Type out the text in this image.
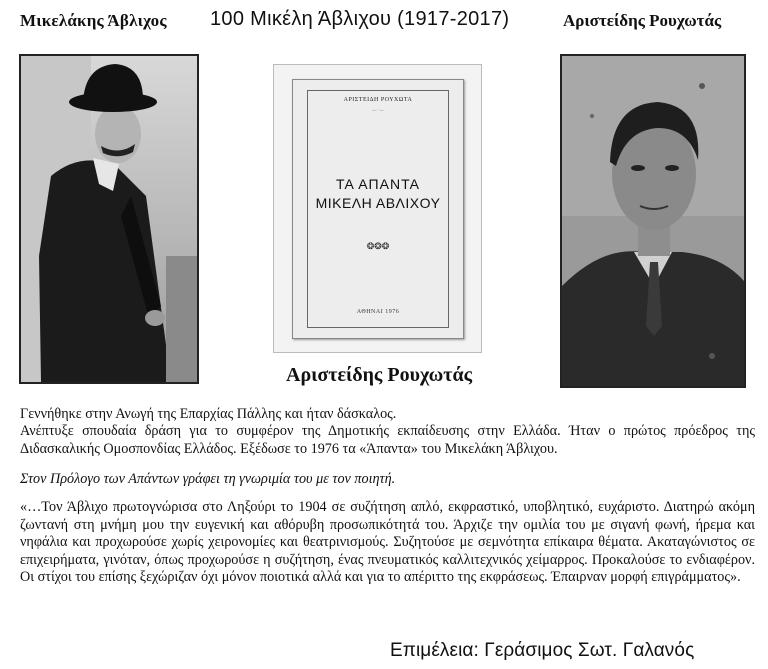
Μικελάκης Άβλιχος 100 Μικέλη Άβλιχου (1917-2017)	Αριστείδης Ρουχωτάς
ΑΡΙΣΤΕΙΔΗ ΡΟΥΧΩΤΑ
— · —
ΤΑ ΑΠΑΝΤΑ
ΜΙΚΕΛΗ ΑΒΛΙΧΟΥ
❂❂❂
ΑΘΗΝΑΙ 1976
Αριστείδης Ρουχωτάς
Γεννήθηκε στην Ανωγή της Επαρχίας Πάλλης και ήταν δάσκαλος.
Ανέπτυξε σπουδαία δράση για το συμφέρον της Δημοτικής εκπαίδευσης στην Ελλάδα. Ήταν ο πρώτος πρόεδρος της Διδασκαλικής Ομοσπονδίας Ελλάδος. Εξέδωσε το 1976 τα «Άπαντα» του Μικελάκη Άβλιχου.
Στον Πρόλογο των Απάντων γράφει τη γνωριμία του με τον ποιητή.
«…Τον Άβλιχο πρωτογνώρισα στο Ληξούρι το 1904 σε συζήτηση απλό, εκφραστικό, υποβλητικό, ευχάριστο. Διατηρώ ακόμη ζωντανή στη μνήμη μου την ευγενική και αθόρυβη προσωπικότητά του. Άρχιζε την ομιλία του με σιγανή φωνή, ήρεμα και νηφάλια και προχωρούσε χωρίς χειρονομίες και θεατρινισμούς. Συζητούσε με σεμνότητα επίκαιρα θέματα. Ακαταγώνιστος σε επιχειρήματα, γινόταν, όπως προχωρούσε η συζήτηση, ένας πνευματικός καλλιτεχνικός χείμαρρος. Προκαλούσε το ενδιαφέρον. Οι στίχοι του επίσης ξεχώριζαν όχι μόνον ποιοτικά αλλά και για το απέριττο της εκφράσεως. Έπαιρναν μορφή επιγράμματος».
Επιμέλεια: Γεράσιμος Σωτ. Γαλανός
